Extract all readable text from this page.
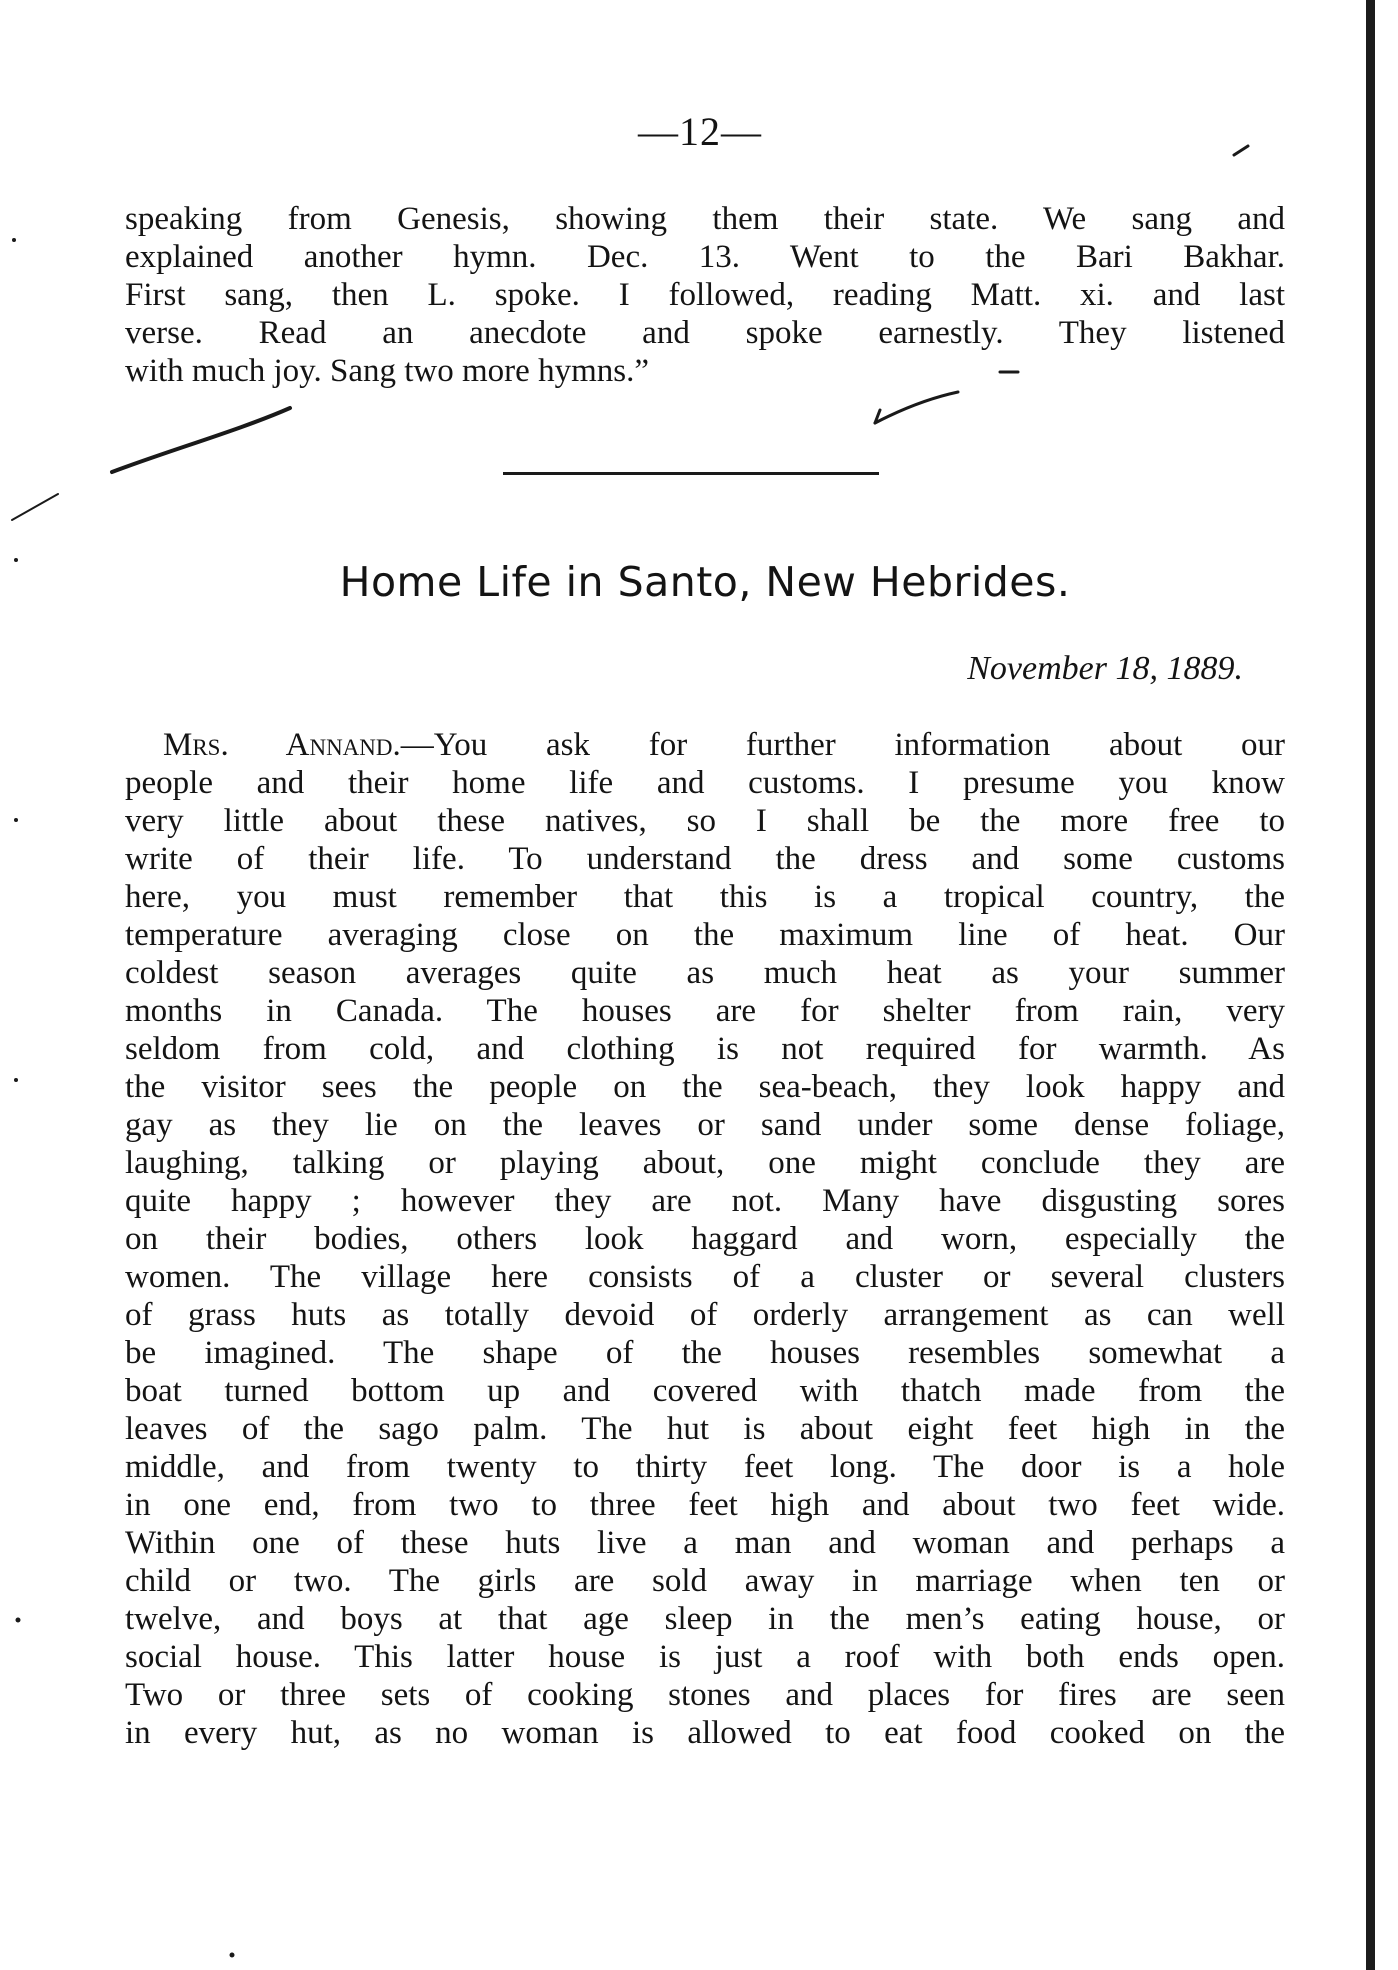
—12—
speaking from Genesis, showing them their state. We sang and
explained another hymn. Dec. 13. Went to the Bari Bakhar.
First sang, then L. spoke. I followed, reading Matt. xi. and last
verse. Read an anecdote and spoke earnestly. They listened
with much joy. Sang two more hymns.”
Home Life in Santo, New Hebrides.
November 18, 1889.
Mrs. Annand.—You ask for further information about our
people and their home life and customs. I presume you know
very little about these natives, so I shall be the more free to
write of their life. To understand the dress and some customs
here, you must remember that this is a tropical country, the
temperature averaging close on the maximum line of heat. Our
coldest season averages quite as much heat as your summer
months in Canada. The houses are for shelter from rain, very
seldom from cold, and clothing is not required for warmth. As
the visitor sees the people on the sea-beach, they look happy and
gay as they lie on the leaves or sand under some dense foliage,
laughing, talking or playing about, one might conclude they are
quite happy ; however they are not. Many have disgusting sores
on their bodies, others look haggard and worn, especially the
women. The village here consists of a cluster or several clusters
of grass huts as totally devoid of orderly arrangement as can well
be imagined. The shape of the houses resembles somewhat a
boat turned bottom up and covered with thatch made from the
leaves of the sago palm. The hut is about eight feet high in the
middle, and from twenty to thirty feet long. The door is a hole
in one end, from two to three feet high and about two feet wide.
Within one of these huts live a man and woman and perhaps a
child or two. The girls are sold away in marriage when ten or
twelve, and boys at that age sleep in the men’s eating house, or
social house. This latter house is just a roof with both ends open.
Two or three sets of cooking stones and places for fires are seen
in every hut, as no woman is allowed to eat food cooked on the
